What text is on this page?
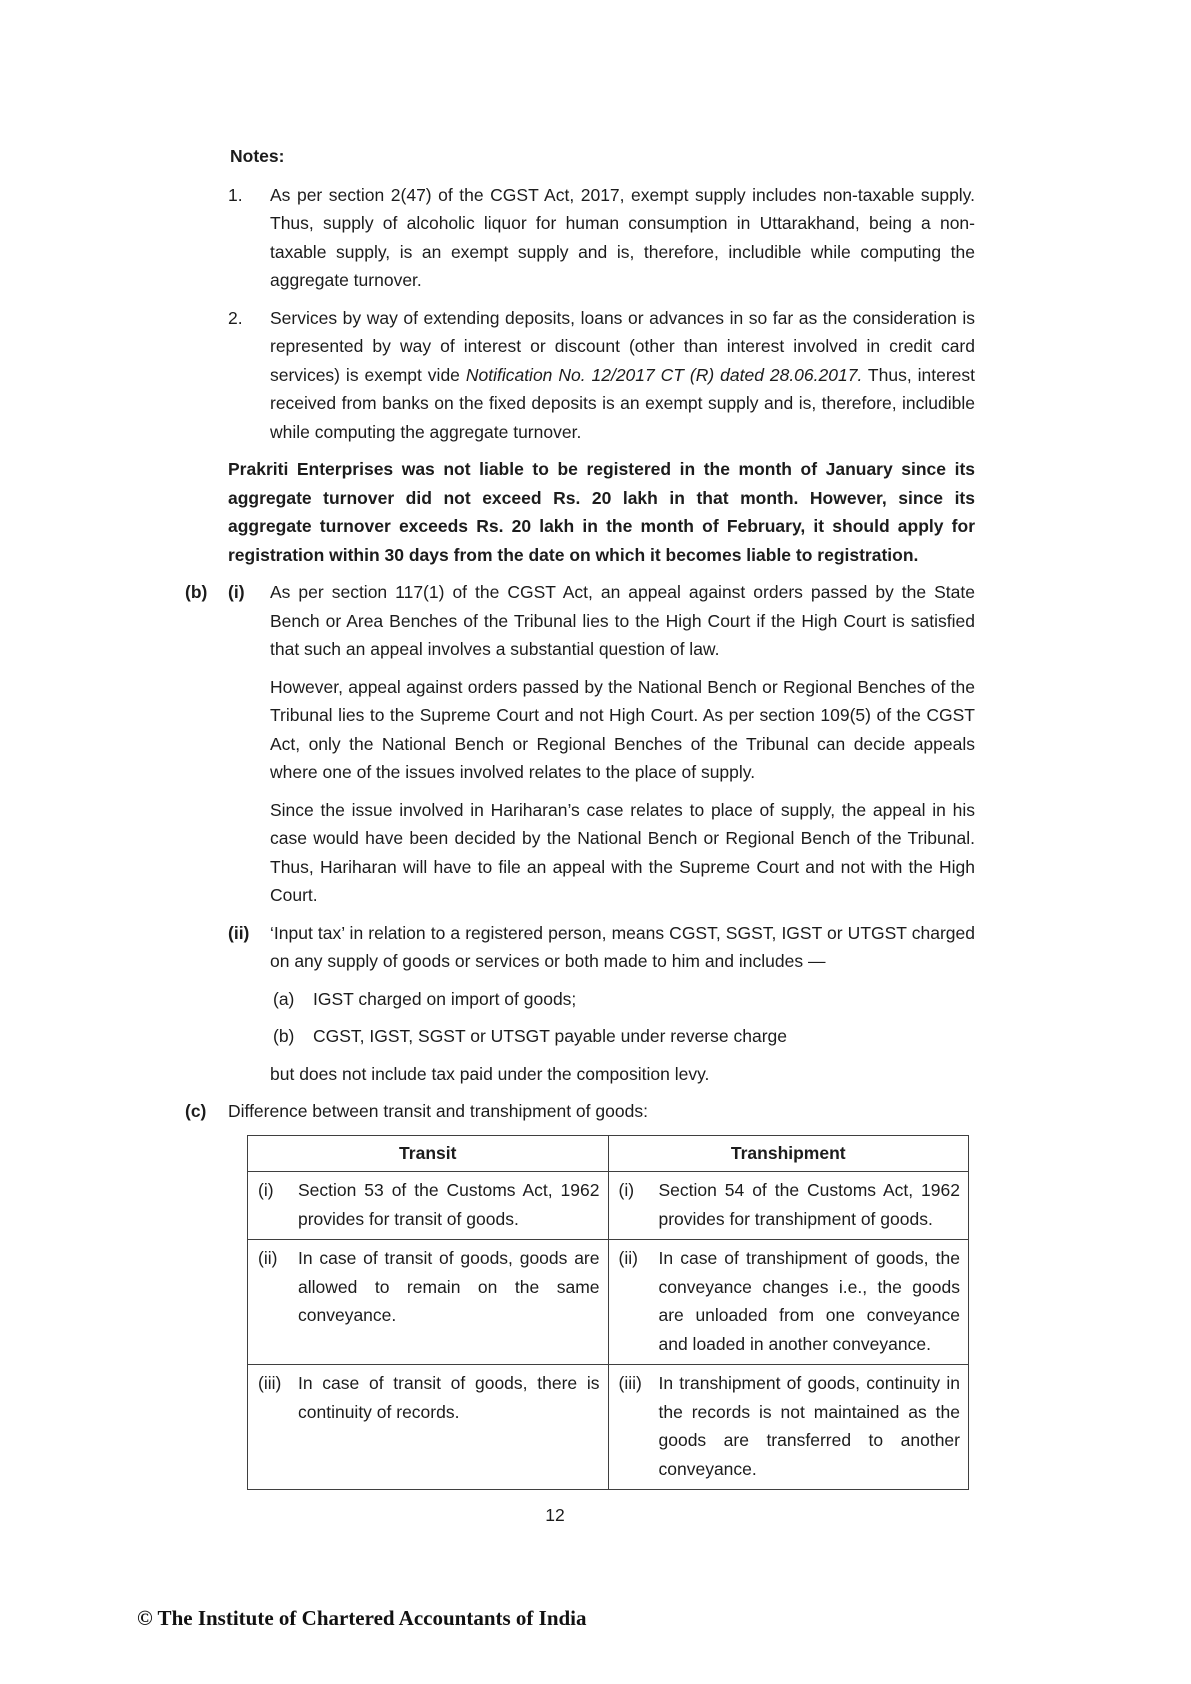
Notes:

1. As per section 2(47) of the CGST Act, 2017, exempt supply includes non-taxable supply. Thus, supply of alcoholic liquor for human consumption in Uttarakhand, being a non-taxable supply, is an exempt supply and is, therefore, includible while computing the aggregate turnover.

2. Services by way of extending deposits, loans or advances in so far as the consideration is represented by way of interest or discount (other than interest involved in credit card services) is exempt vide Notification No. 12/2017 CT (R) dated 28.06.2017. Thus, interest received from banks on the fixed deposits is an exempt supply and is, therefore, includible while computing the aggregate turnover.

Prakriti Enterprises was not liable to be registered in the month of January since its aggregate turnover did not exceed Rs. 20 lakh in that month. However, since its aggregate turnover exceeds Rs. 20 lakh in the month of February, it should apply for registration within 30 days from the date on which it becomes liable to registration.

(b) (i) As per section 117(1) of the CGST Act, an appeal against orders passed by the State Bench or Area Benches of the Tribunal lies to the High Court if the High Court is satisfied that such an appeal involves a substantial question of law.

However, appeal against orders passed by the National Bench or Regional Benches of the Tribunal lies to the Supreme Court and not High Court. As per section 109(5) of the CGST Act, only the National Bench or Regional Benches of the Tribunal can decide appeals where one of the issues involved relates to the place of supply.

Since the issue involved in Hariharan’s case relates to place of supply, the appeal in his case would have been decided by the National Bench or Regional Bench of the Tribunal. Thus, Hariharan will have to file an appeal with the Supreme Court and not with the High Court.

(ii) ‘Input tax’ in relation to a registered person, means CGST, SGST, IGST or UTGST charged on any supply of goods or services or both made to him and includes —

(a) IGST charged on import of goods;

(b) CGST, IGST, SGST or UTSGT payable under reverse charge

but does not include tax paid under the composition levy.

(c) Difference between transit and transhipment of goods:

Transit	Transhipment

(i) Section 53 of the Customs Act, 1962 provides for transit of goods.	(i) Section 54 of the Customs Act, 1962 provides for transhipment of goods.

(ii) In case of transit of goods, goods are allowed to remain on the same conveyance.	(ii) In case of transhipment of goods, the conveyance changes i.e., the goods are unloaded from one conveyance and loaded in another conveyance.

(iii) In case of transit of goods, there is continuity of records.	(iii) In transhipment of goods, continuity in the records is not maintained as the goods are transferred to another conveyance.
12
© The Institute of Chartered Accountants of India
